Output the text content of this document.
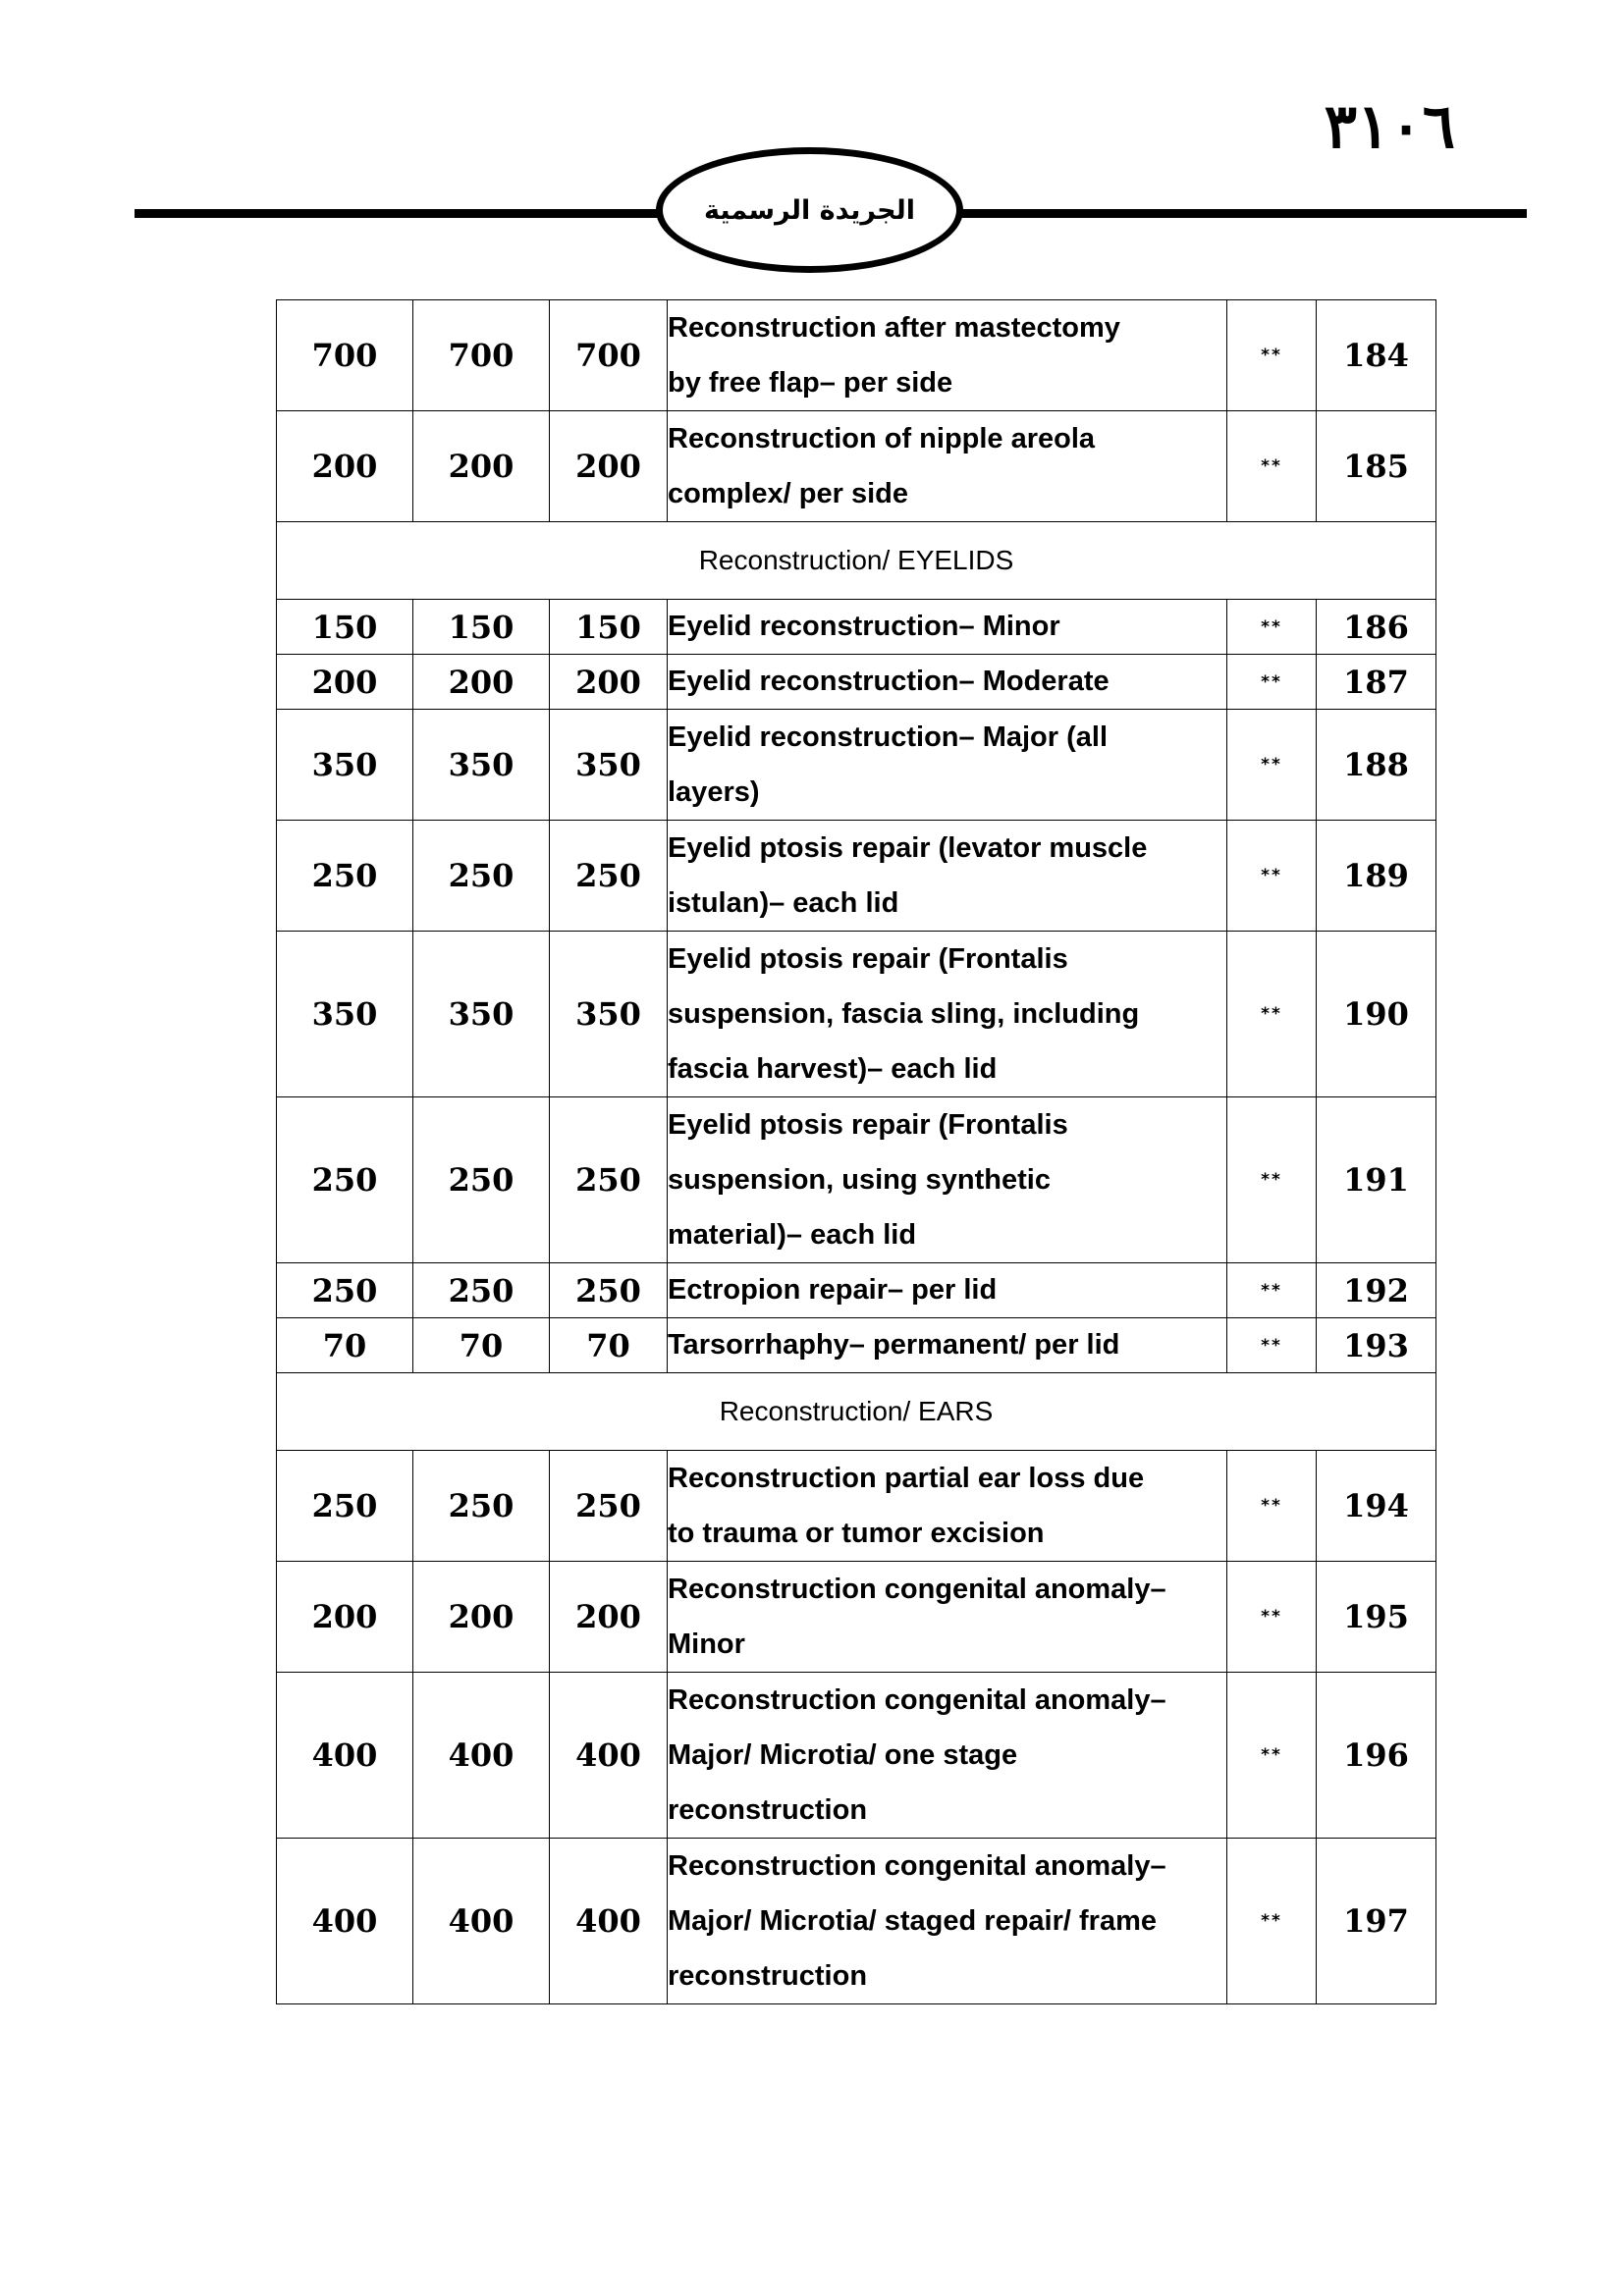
٣١٠٦
الجريدة الرسمية
700	700	700	Reconstruction after mastectomy
by free flap– per side	**	184
200	200	200	Reconstruction of nipple areola
complex/ per side	**	185
Reconstruction/ EYELIDS					
150	150	150	Eyelid reconstruction– Minor	**	186
200	200	200	Eyelid reconstruction– Moderate	**	187
350	350	350	Eyelid reconstruction– Major (all
layers)	**	188
250	250	250	Eyelid ptosis repair (levator muscle
istulan)– each lid	**	189
350	350	350	Eyelid ptosis repair (Frontalis
suspension, fascia sling, including
fascia harvest)– each lid	**	190
250	250	250	Eyelid ptosis repair (Frontalis
suspension, using synthetic
material)– each lid	**	191
250	250	250	Ectropion repair– per lid	**	192
70	70	70	Tarsorrhaphy– permanent/ per lid	**	193
Reconstruction/ EARS					
250	250	250	Reconstruction partial ear loss due
to trauma or tumor excision	**	194
200	200	200	Reconstruction congenital anomaly–
Minor	**	195
400	400	400	Reconstruction congenital anomaly–
Major/ Microtia/ one stage
reconstruction	**	196
400	400	400	Reconstruction congenital anomaly–
Major/ Microtia/ staged repair/ frame
reconstruction	**	197
